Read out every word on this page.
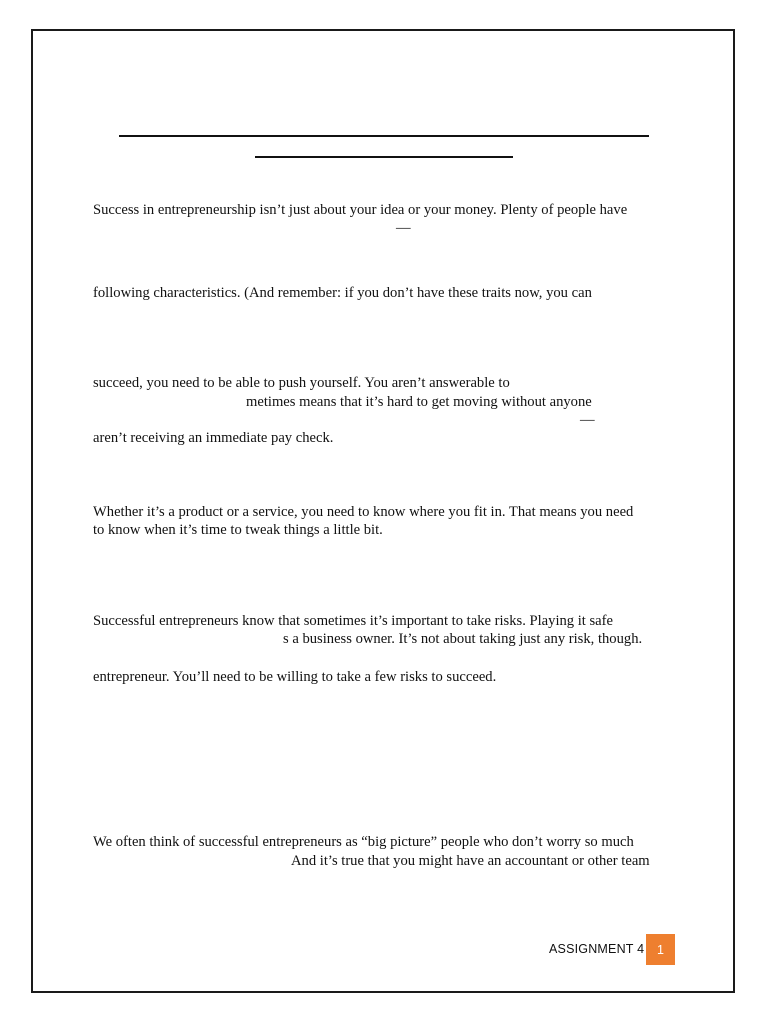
Success in entrepreneurship isn’t just about your idea or your money. Plenty of people have
—
following characteristics. (And remember: if you don’t have these traits now, you can
succeed, you need to be able to push yourself. You aren’t answerable to
metimes means that it’s hard to get moving without anyone
—
aren’t receiving an immediate pay check.
Whether it’s a product or a service, you need to know where you fit in. That means you need
to know when it’s time to tweak things a little bit.
Successful entrepreneurs know that sometimes it’s important to take risks. Playing it safe
s a business owner. It’s not about taking just any risk, though.
entrepreneur. You’ll need to be willing to take a few risks to succeed.
We often think of successful entrepreneurs as “big picture” people who don’t worry so much
And it’s true that you might have an accountant or other team
ASSIGNMENT 4 1
